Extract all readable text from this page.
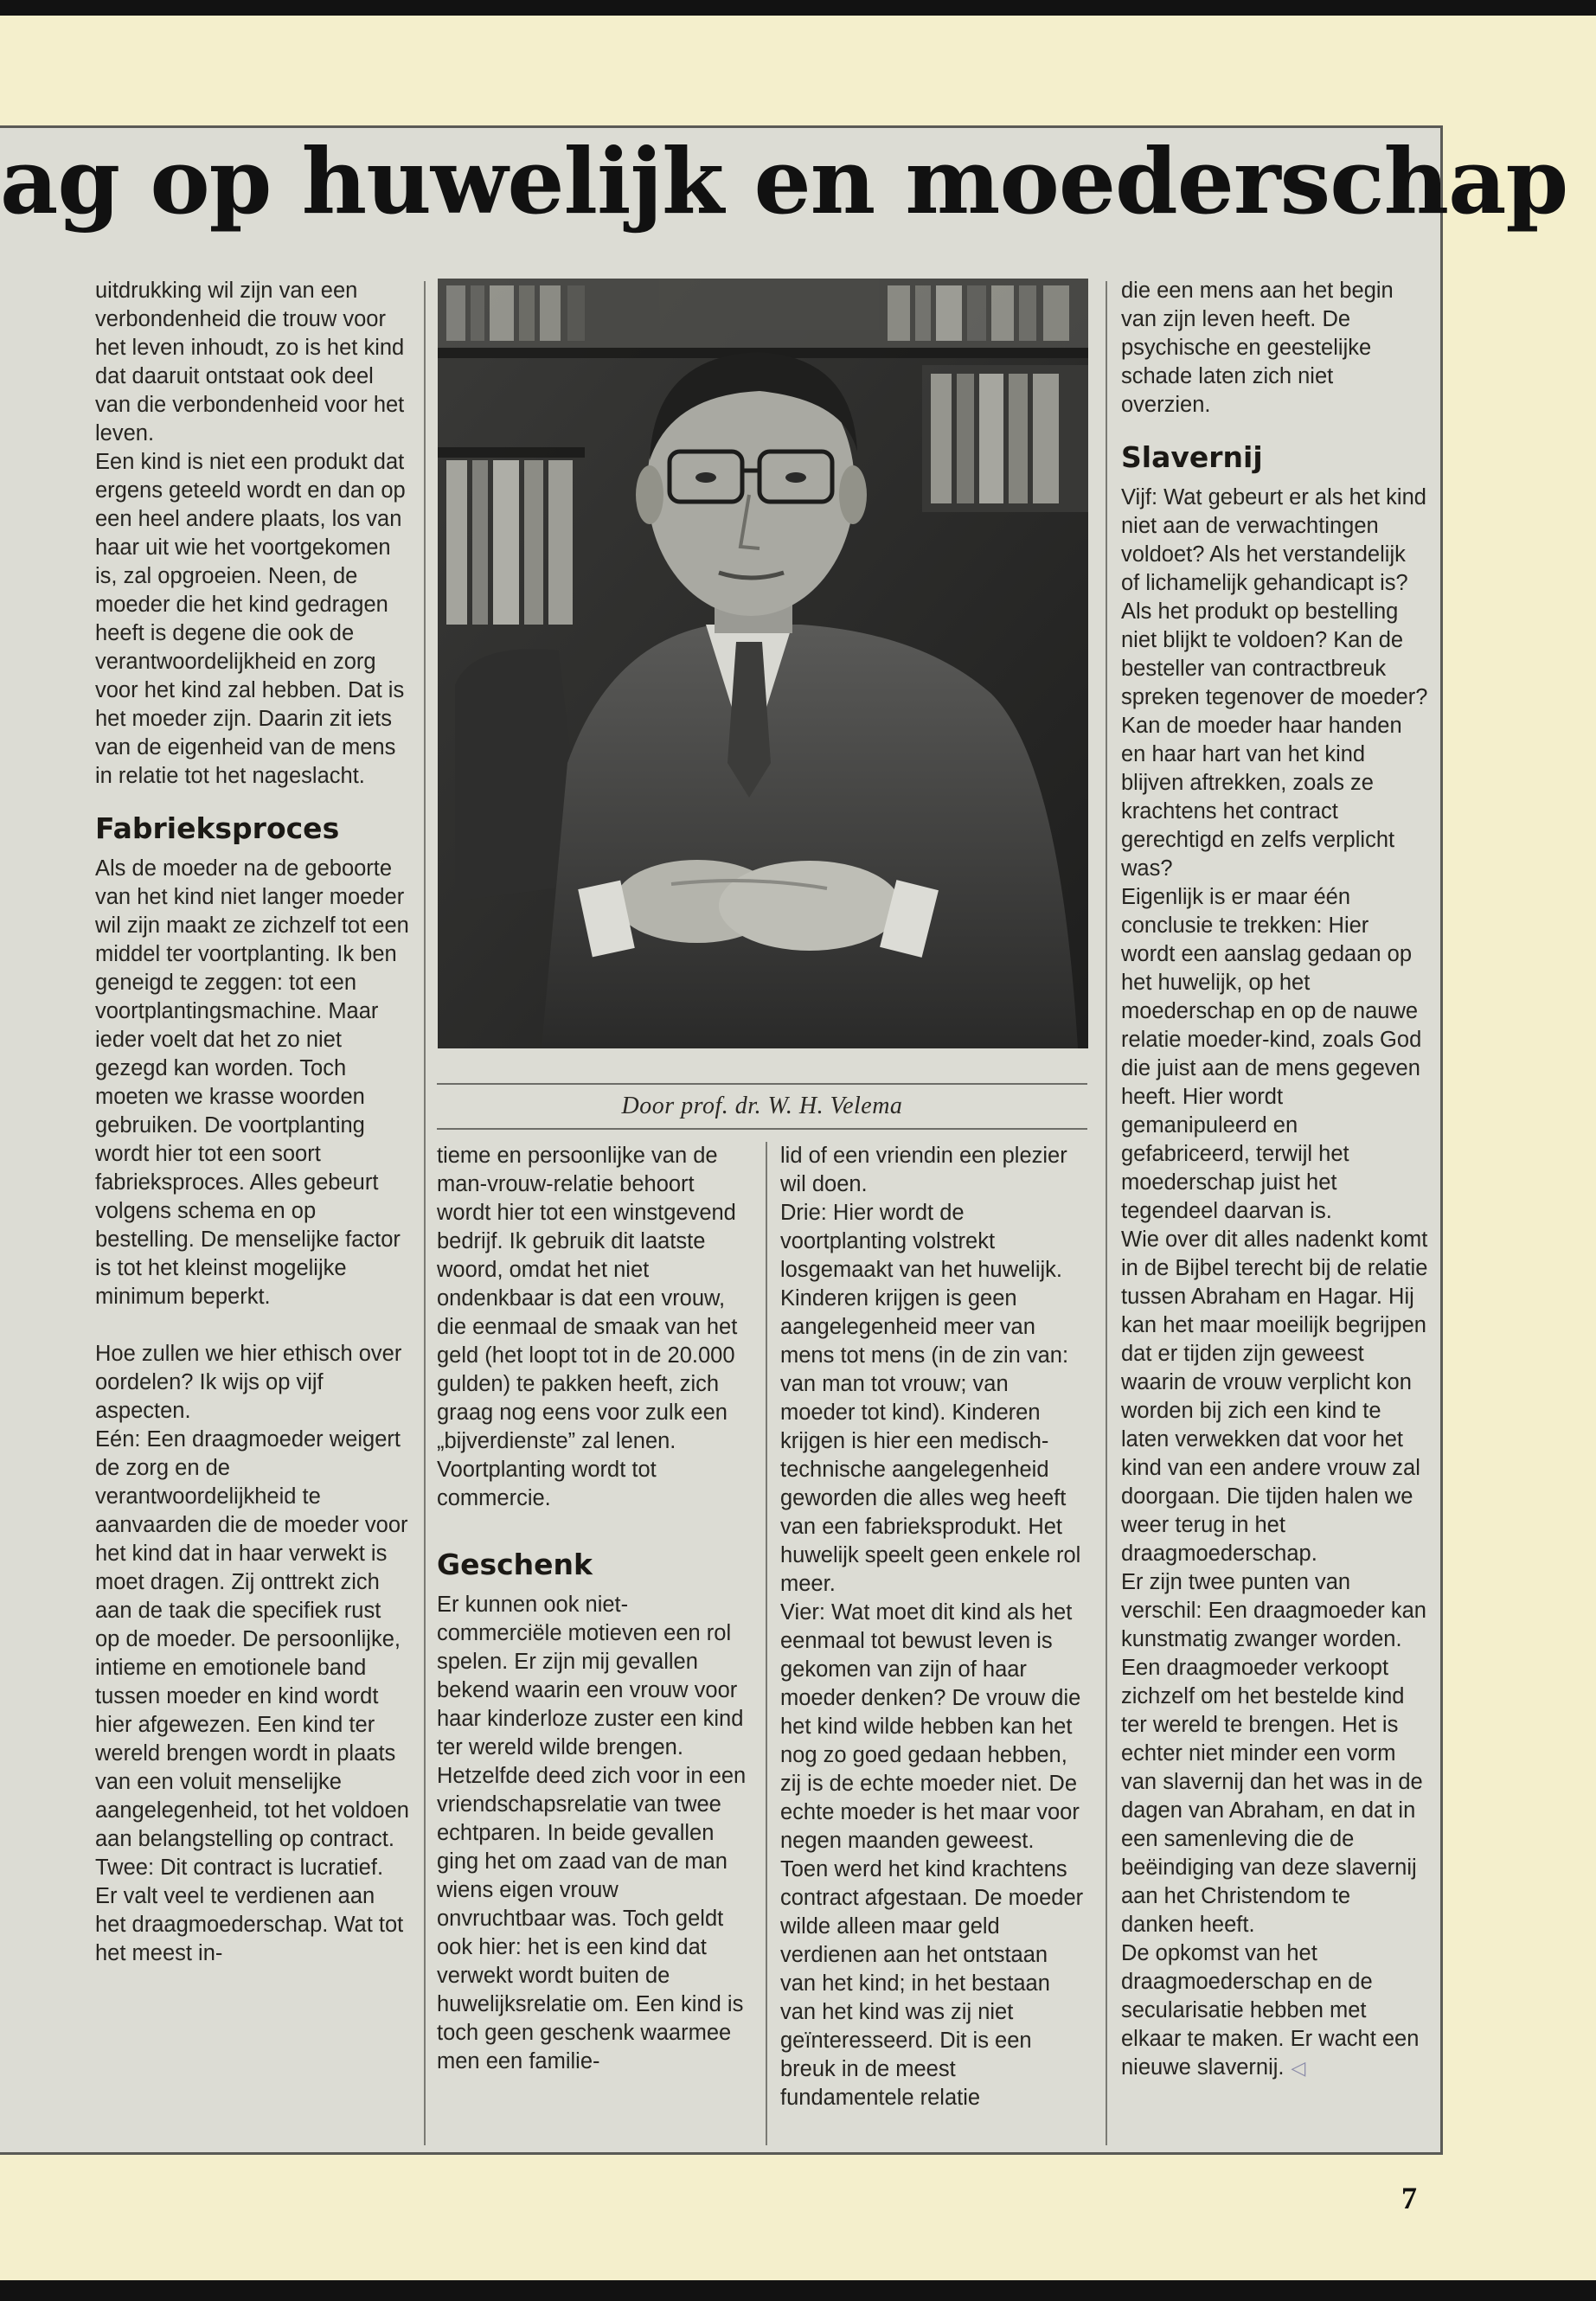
ag op huwelijk en moederschap

uitdrukking wil zijn van een verbondenheid die trouw voor het leven inhoudt, zo is het kind dat daaruit ontstaat ook deel van die verbondenheid voor het leven.

Een kind is niet een produkt dat ergens geteeld wordt en dan op een heel andere plaats, los van haar uit wie het voortgekomen is, zal opgroeien. Neen, de moeder die het kind gedragen heeft is degene die ook de verantwoordelijkheid en zorg voor het kind zal hebben. Dat is het moeder zijn. Daarin zit iets van de eigenheid van de mens in relatie tot het nageslacht.

Fabrieksproces

Als de moeder na de geboorte van het kind niet langer moeder wil zijn maakt ze zichzelf tot een middel ter voortplanting. Ik ben geneigd te zeggen: tot een voortplantingsmachine. Maar ieder voelt dat het zo niet gezegd kan worden. Toch moeten we krasse woorden gebruiken. De voortplanting wordt hier tot een soort fabrieksproces. Alles gebeurt volgens schema en op bestelling. De menselijke factor is tot het kleinst mogelijke minimum beperkt.

Hoe zullen we hier ethisch over oordelen? Ik wijs op vijf aspecten.

Eén: Een draagmoeder weigert de zorg en de verantwoordelijkheid te aanvaarden die de moeder voor het kind dat in haar verwekt is moet dragen. Zij onttrekt zich aan de taak die specifiek rust op de moeder. De persoonlijke, intieme en emotionele band tussen moeder en kind wordt hier afgewezen. Een kind ter wereld brengen wordt in plaats van een voluit menselijke aangelegenheid, tot het voldoen aan belangstelling op contract.

Twee: Dit contract is lucratief. Er valt veel te verdienen aan het draagmoederschap. Wat tot het meest in-

Door prof. dr. W. H. Velema

tieme en persoonlijke van de man-vrouw-relatie behoort wordt hier tot een winstgevend bedrijf. Ik gebruik dit laatste woord, omdat het niet ondenkbaar is dat een vrouw, die eenmaal de smaak van het geld (het loopt tot in de 20.000 gulden) te pakken heeft, zich graag nog eens voor zulk een „bijverdienste” zal lenen. Voortplanting wordt tot commercie.

Geschenk

Er kunnen ook niet-commerciële motieven een rol spelen. Er zijn mij gevallen bekend waarin een vrouw voor haar kinderloze zuster een kind ter wereld wilde brengen. Hetzelfde deed zich voor in een vriendschapsrelatie van twee echtparen. In beide gevallen ging het om zaad van de man wiens eigen vrouw onvruchtbaar was. Toch geldt ook hier: het is een kind dat verwekt wordt buiten de huwelijksrelatie om. Een kind is toch geen geschenk waarmee men een familie-

lid of een vriendin een plezier wil doen.

Drie: Hier wordt de voortplanting volstrekt losgemaakt van het huwelijk. Kinderen krijgen is geen aangelegenheid meer van mens tot mens (in de zin van: van man tot vrouw; van moeder tot kind). Kinderen krijgen is hier een medisch-technische aangelegenheid geworden die alles weg heeft van een fabrieksprodukt. Het huwelijk speelt geen enkele rol meer.

Vier: Wat moet dit kind als het eenmaal tot bewust leven is gekomen van zijn of haar moeder denken? De vrouw die het kind wilde hebben kan het nog zo goed gedaan hebben, zij is de echte moeder niet. De echte moeder is het maar voor negen maanden geweest. Toen werd het kind krachtens contract afgestaan. De moeder wilde alleen maar geld verdienen aan het ontstaan van het kind; in het bestaan van het kind was zij niet geïnteresseerd. Dit is een breuk in de meest fundamentele relatie

die een mens aan het begin van zijn leven heeft. De psychische en geestelijke schade laten zich niet overzien.

Slavernij

Vijf: Wat gebeurt er als het kind niet aan de verwachtingen voldoet? Als het verstandelijk of lichamelijk gehandicapt is? Als het produkt op bestelling niet blijkt te voldoen? Kan de besteller van contractbreuk spreken tegenover de moeder? Kan de moeder haar handen en haar hart van het kind blijven aftrekken, zoals ze krachtens het contract gerechtigd en zelfs verplicht was?

Eigenlijk is er maar één conclusie te trekken: Hier wordt een aanslag gedaan op het huwelijk, op het moederschap en op de nauwe relatie moeder-kind, zoals God die juist aan de mens gegeven heeft. Hier wordt gemanipuleerd en gefabriceerd, terwijl het moederschap juist het tegendeel daarvan is.

Wie over dit alles nadenkt komt in de Bijbel terecht bij de relatie tussen Abraham en Hagar. Hij kan het maar moeilijk begrijpen dat er tijden zijn geweest waarin de vrouw verplicht kon worden bij zich een kind te laten verwekken dat voor het kind van een andere vrouw zal doorgaan. Die tijden halen we weer terug in het draagmoederschap.

Er zijn twee punten van verschil: Een draagmoeder kan kunstmatig zwanger worden. Een draagmoeder verkoopt zichzelf om het bestelde kind ter wereld te brengen. Het is echter niet minder een vorm van slavernij dan het was in de dagen van Abraham, en dat in een samenleving die de beëindiging van deze slavernij aan het Christendom te danken heeft.

De opkomst van het draagmoederschap en de secularisatie hebben met elkaar te maken. Er wacht een nieuwe slavernij. ◁

7
